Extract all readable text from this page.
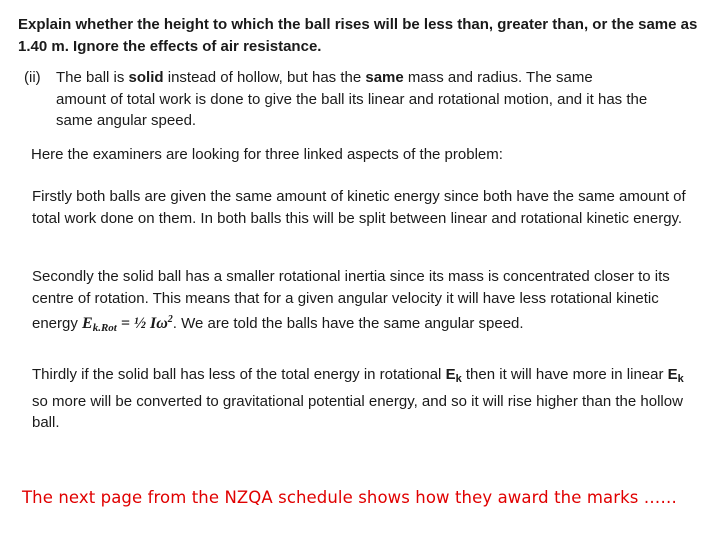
Explain whether the height to which the ball rises will be less than, greater than, or the same as 1.40 m. Ignore the effects of air resistance.
(ii) The ball is solid instead of hollow, but has the same mass and radius. The same
amount of total work is done to give the ball its linear and rotational motion, and it has the same angular speed.
Here the examiners are looking for three linked aspects of the problem:
Firstly both balls are given the same amount of kinetic energy since both have the same amount of total work done on them. In both balls this will be split between linear and rotational kinetic energy.
Secondly the solid ball has a smaller rotational inertia since its mass is concentrated closer to its centre of rotation. This means that for a given angular velocity it will have less rotational kinetic energy Ek.Rot = ½ $I\omega^2$. We are told the balls have the same angular speed.
Thirdly if the solid ball has less of the total energy in rotational $E_k$ then it will have more in linear $E_k$ so more will be converted to gravitational potential energy, and so it will rise higher than the hollow ball.
The next page from the NZQA schedule shows how they award the marks ……
